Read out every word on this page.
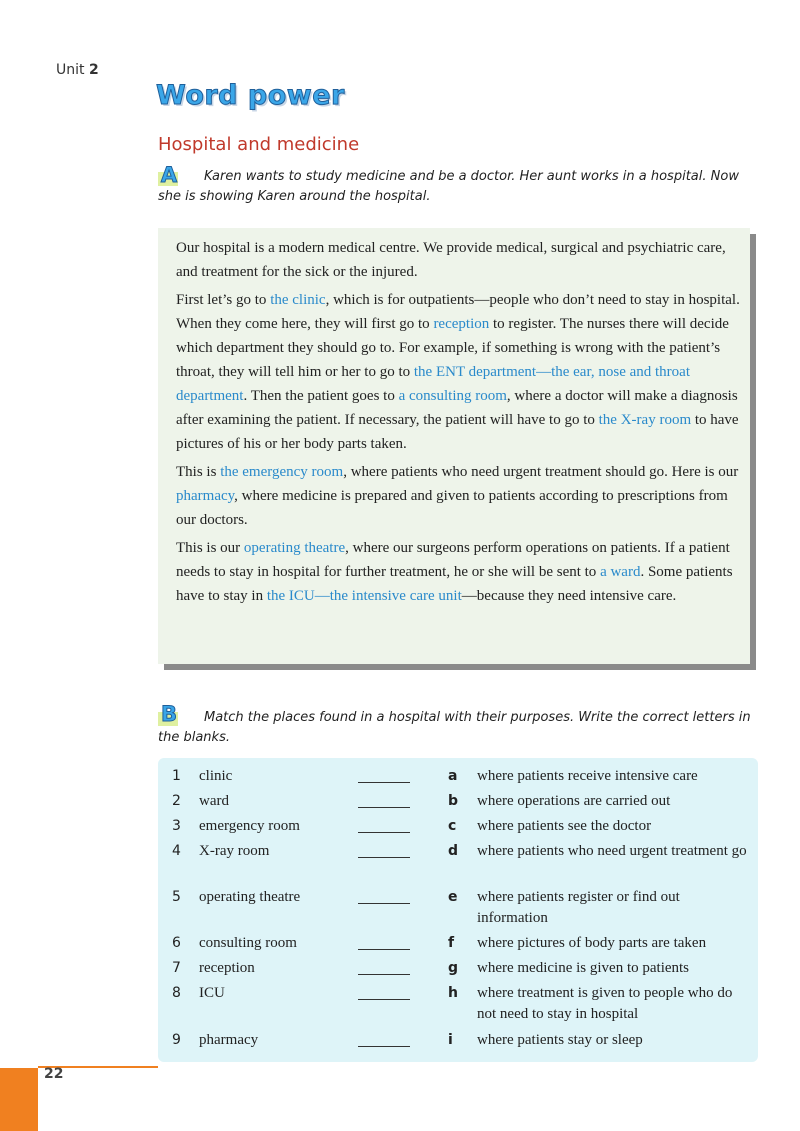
Unit 2
Word power
Hospital and medicine
A	Karen wants to study medicine and be a doctor. Her aunt works in a hospital. Now she is showing Karen around the hospital.

Our hospital is a modern medical centre. We provide medical, surgical and psychiatric care, and treatment for the sick or the injured.

First let’s go to the clinic, which is for outpatients—people who don’t need to stay in hospital. When they come here, they will first go to reception to register. The nurses there will decide which department they should go to. For example, if something is wrong with the patient’s throat, they will tell him or her to go to the ENT department—the ear, nose and throat department. Then the patient goes to a consulting room, where a doctor will make a diagnosis after examining the patient. If necessary, the patient will have to go to the X-ray room to have pictures of his or her body parts taken.

This is the emergency room, where patients who need urgent treatment should go. Here is our pharmacy, where medicine is prepared and given to patients according to prescriptions from our doctors.

This is our operating theatre, where our surgeons perform operations on patients. If a patient needs to stay in hospital for further treatment, he or she will be sent to a ward. Some patients have to stay in the ICU—the intensive care unit—because they need intensive care.

B	Match the places found in a hospital with their purposes. Write the correct letters in the blanks.
1 clinic	a where patients receive intensive care
2 ward	b where operations are carried out
3 emergency room	c where patients see the doctor
4 X-ray room	d where patients who need urgent treatment go
5 operating theatre	e where patients register or find out information
6 consulting room	f where pictures of body parts are taken
7 reception	g where medicine is given to patients
8 ICU	h where treatment is given to people who do not need to stay in hospital
9 pharmacy	i where patients stay or sleep
22
